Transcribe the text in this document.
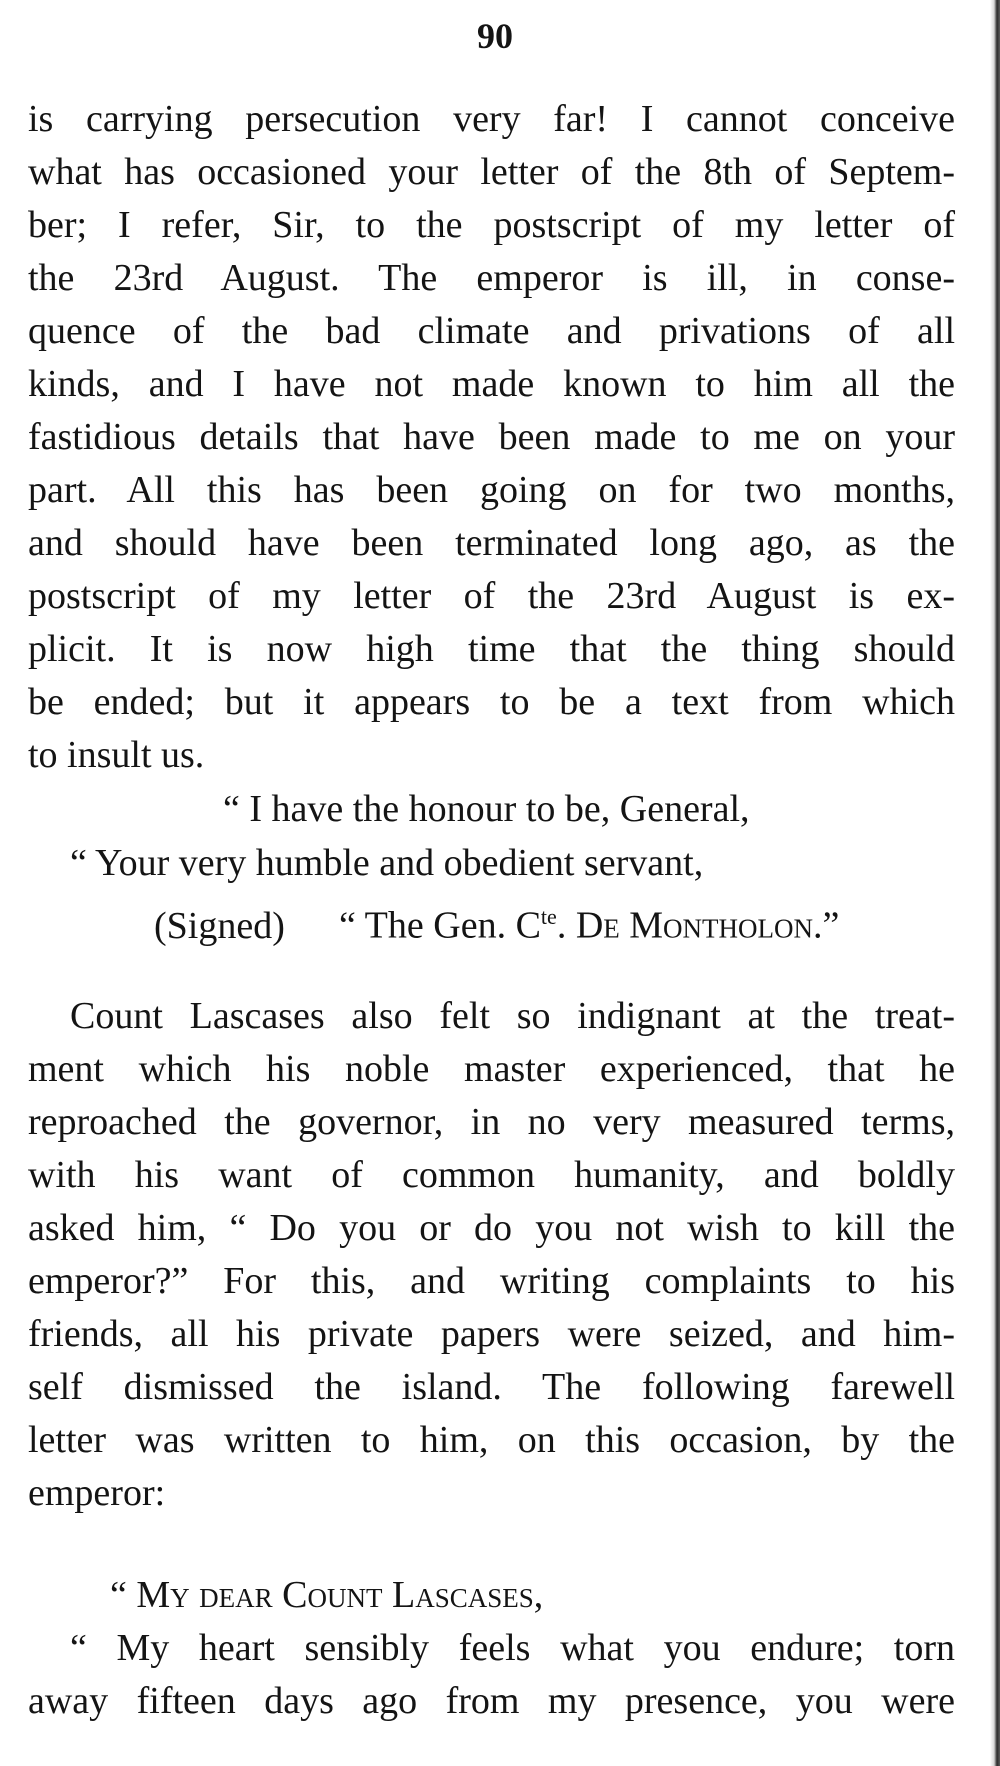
90
is carrying persecution very far! I cannot conceive
what has occasioned your letter of the 8th of Septem-
ber; I refer, Sir, to the postscript of my letter of
the 23rd August. The emperor is ill, in conse-
quence of the bad climate and privations of all
kinds, and I have not made known to him all the
fastidious details that have been made to me on your
part. All this has been going on for two months,
and should have been terminated long ago, as the
postscript of my letter of the 23rd August is ex-
plicit. It is now high time that the thing should
be ended; but it appears to be a text from which
to insult us.
“ I have the honour to be, General,
“ Your very humble and obedient servant,
(Signed) “ The Gen. $C^{te}$. De Montholon.”
Count Lascases also felt so indignant at the treat-
ment which his noble master experienced, that he
reproached the governor, in no very measured terms,
with his want of common humanity, and boldly
asked him, “ Do you or do you not wish to kill the
emperor?” For this, and writing complaints to his
friends, all his private papers were seized, and him-
self dismissed the island. The following farewell
letter was written to him, on this occasion, by the
emperor:
“ My dear Count Lascases,
“ My heart sensibly feels what you endure; torn
away fifteen days ago from my presence, you were
